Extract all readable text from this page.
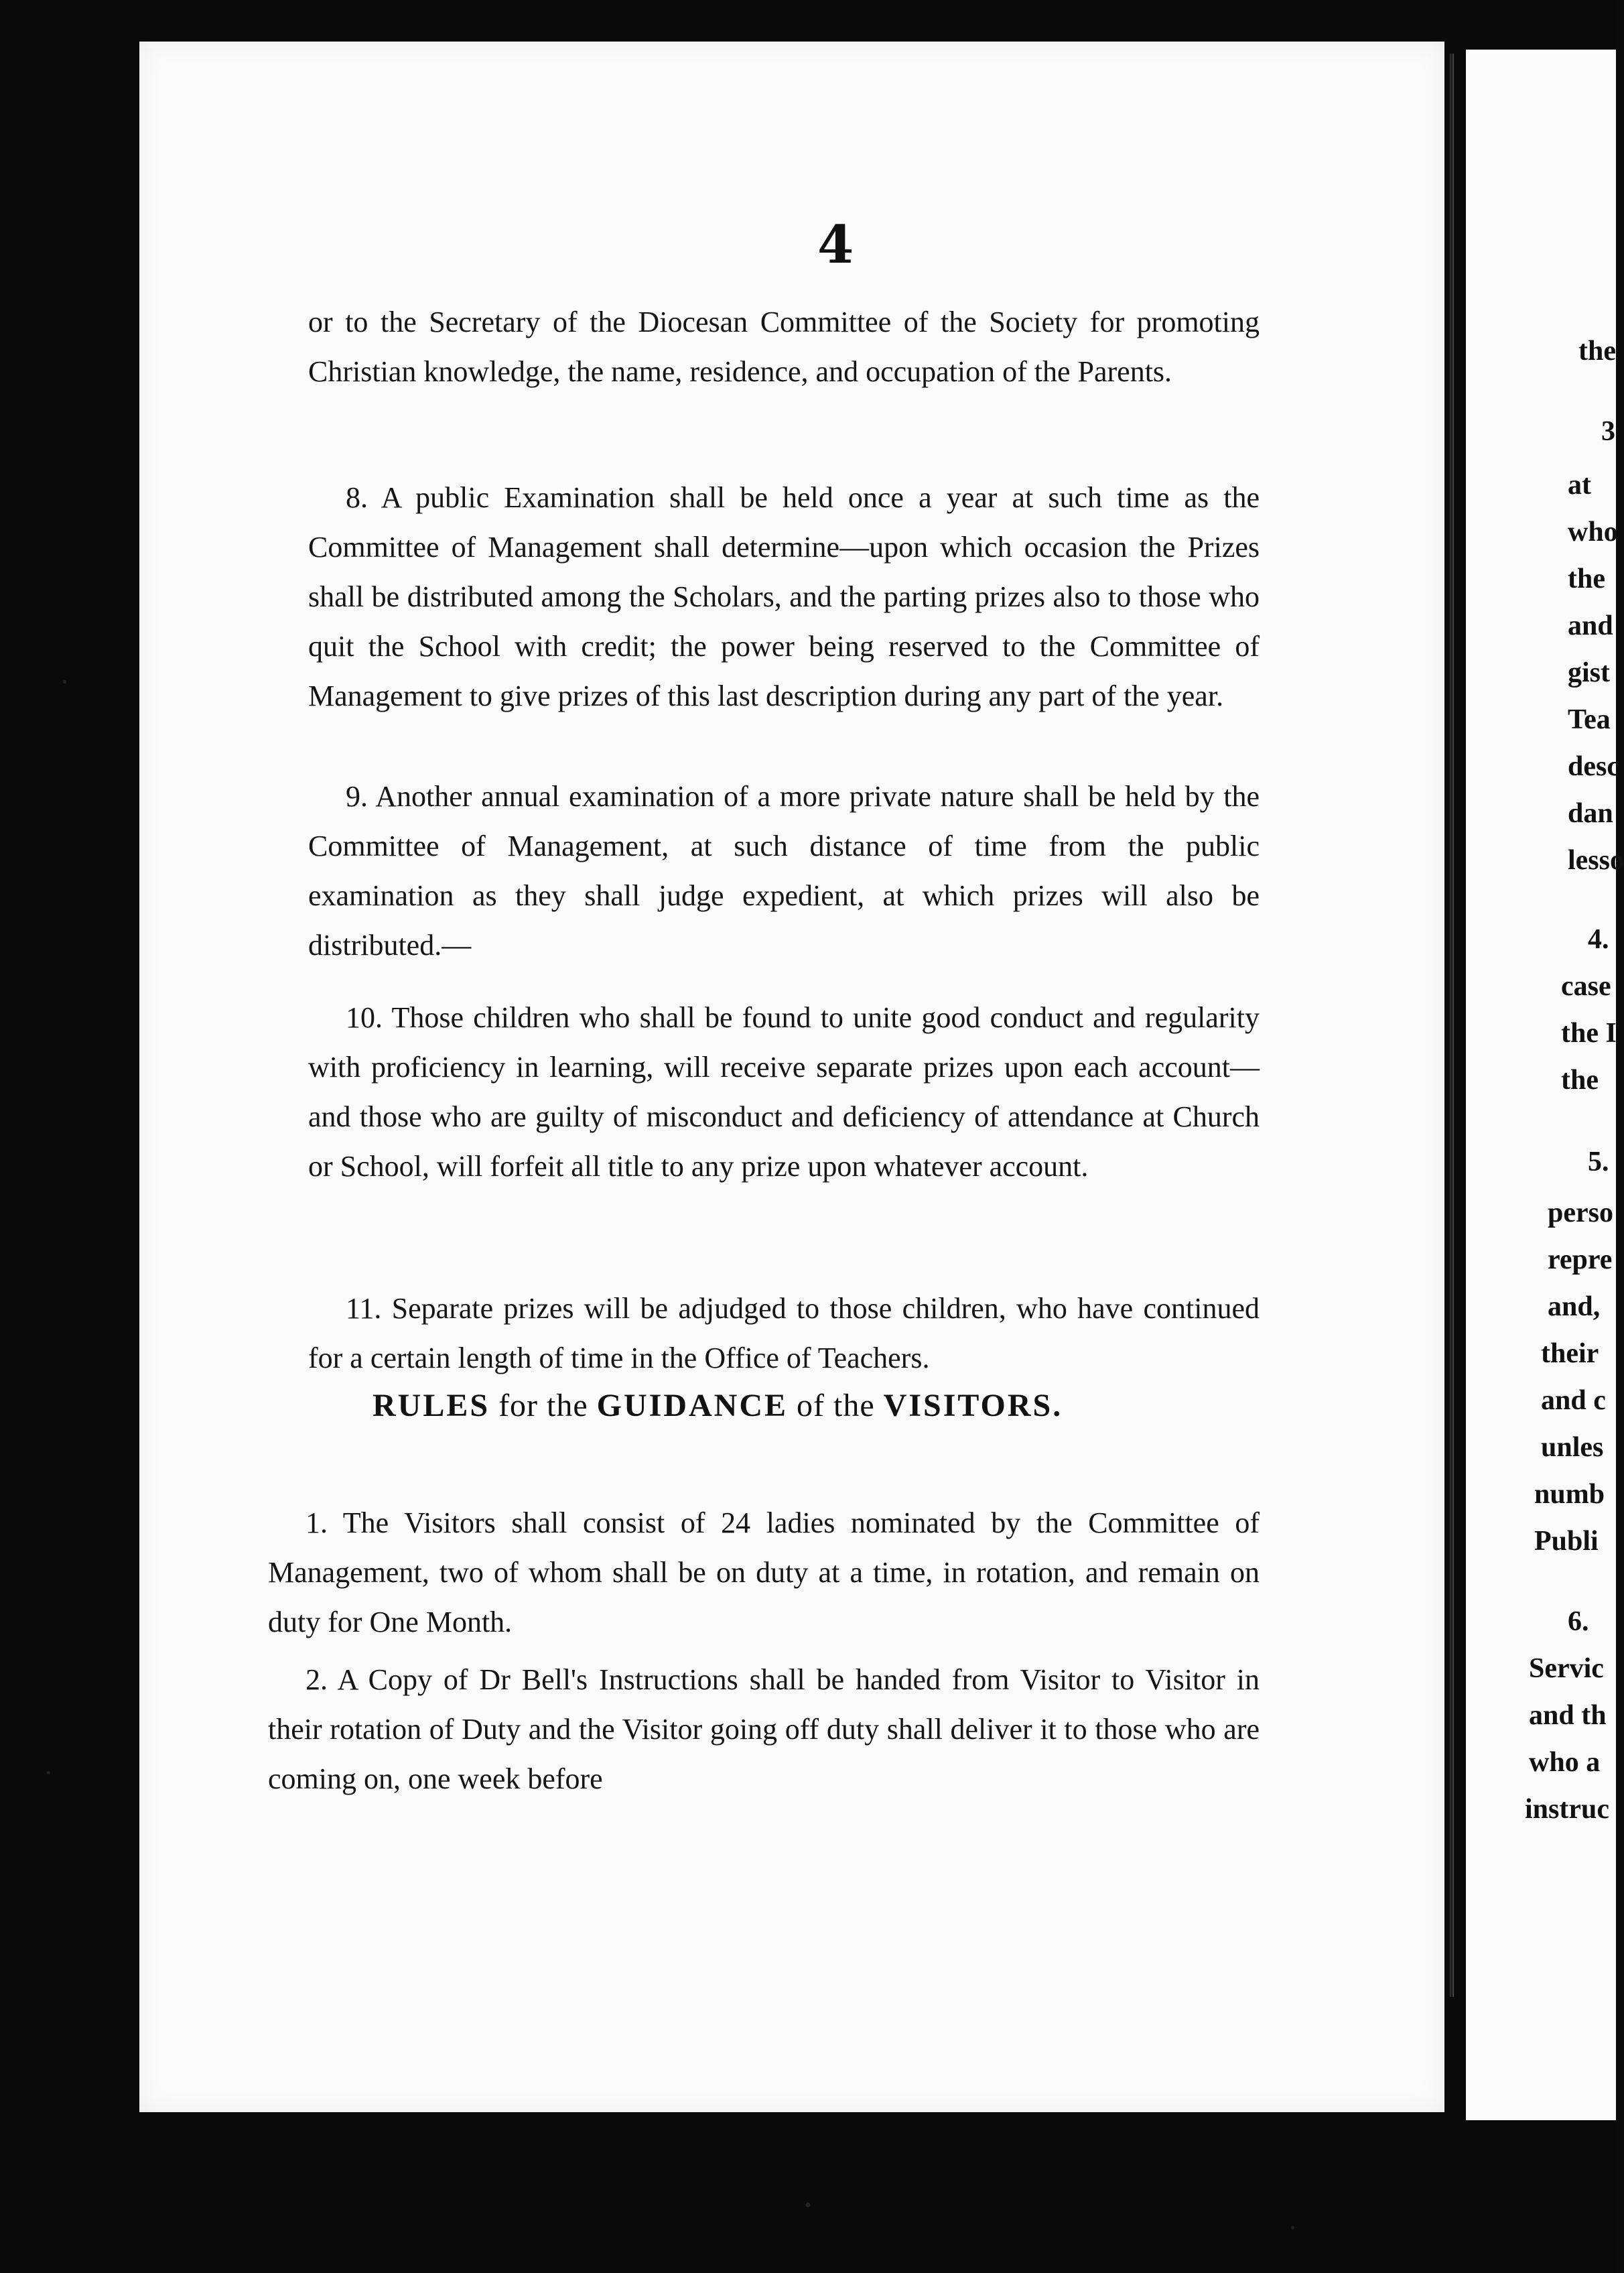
4
or to the Secretary of the Diocesan Committee of the Society for promoting Christian knowledge, the name, residence, and occupation of the Parents.
8. A public Examination shall be held once a year at such time as the Committee of Management shall determine—upon which occasion the Prizes shall be distributed among the Scholars, and the parting prizes also to those who quit the School with credit; the power being reserved to the Committee of Management to give prizes of this last description during any part of the year.
9. Another annual examination of a more private nature shall be held by the Committee of Management, at such distance of time from the public examination as they shall judge expedient, at which prizes will also be distributed.—
10. Those children who shall be found to unite good conduct and regularity with proficiency in learning, will receive separate prizes upon each account—and those who are guilty of misconduct and deficiency of attendance at Church or School, will forfeit all title to any prize upon whatever account.
11. Separate prizes will be adjudged to those children, who have continued for a certain length of time in the Office of Teachers.
RULES for the GUIDANCE of the VISITORS.
1. The Visitors shall consist of 24 ladies nominated by the Committee of Management, two of whom shall be on duty at a time, in rotation, and remain on duty for One Month.
2. A Copy of Dr Bell's Instructions shall be handed from Visitor to Visitor in their rotation of Duty and the Visitor going off duty shall deliver it to those who are coming on, one week before
the
3
at
who
the
and
gist
Tea
desc
dan
lesso
4.
case
the I
the
5.
perso
repre
and,
their
and c
unles
numb
Publi
6.
Servic
and th
who a
instruc
